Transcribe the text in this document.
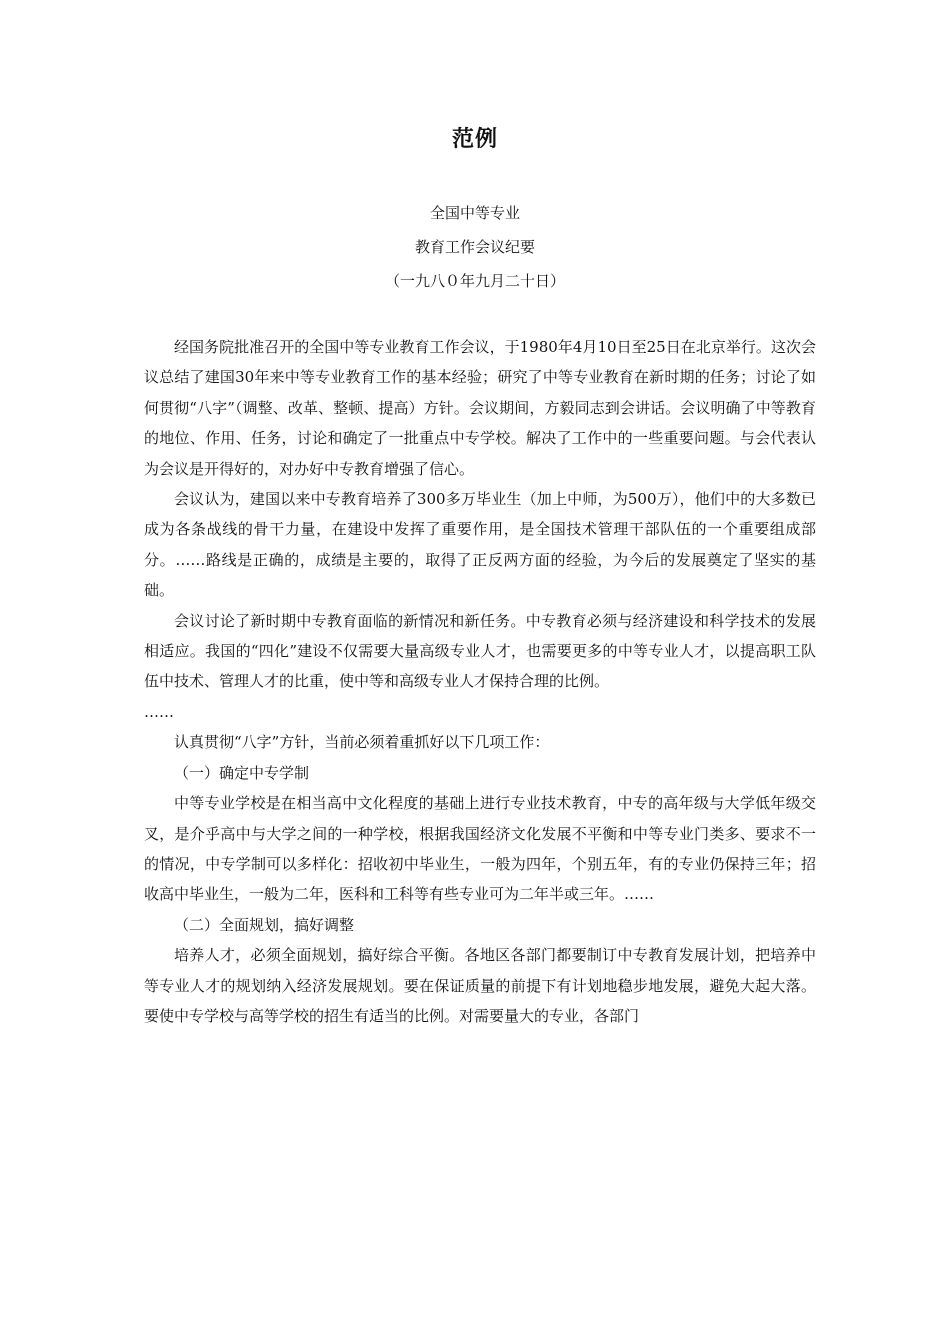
范例
全国中等专业
教育工作会议纪要
（一九八０年九月二十日）

经国务院批准召开的全国中等专业教育工作会议，于1980年4月10日至25日在北京举行。这次会议总结了建国30年来中等专业教育工作的基本经验；研究了中等专业教育在新时期的任务；讨论了如何贯彻“八字”（调整、改革、整顿、提高）方针。会议期间，方毅同志到会讲话。会议明确了中等教育的地位、作用、任务，讨论和确定了一批重点中专学校。解决了工作中的一些重要问题。与会代表认为会议是开得好的，对办好中专教育增强了信心。

会议认为，建国以来中专教育培养了300多万毕业生（加上中师，为500万），他们中的大多数已成为各条战线的骨干力量，在建设中发挥了重要作用，是全国技术管理干部队伍的一个重要组成部分。……路线是正确的，成绩是主要的，取得了正反两方面的经验，为今后的发展奠定了坚实的基础。

会议讨论了新时期中专教育面临的新情况和新任务。中专教育必须与经济建设和科学技术的发展相适应。我国的“四化”建设不仅需要大量高级专业人才，也需要更多的中等专业人才，以提高职工队伍中技术、管理人才的比重，使中等和高级专业人才保持合理的比例。

……

认真贯彻“八字”方针，当前必须着重抓好以下几项工作：

（一）确定中专学制

中等专业学校是在相当高中文化程度的基础上进行专业技术教育，中专的高年级与大学低年级交叉，是介乎高中与大学之间的一种学校，根据我国经济文化发展不平衡和中等专业门类多、要求不一的情况，中专学制可以多样化：招收初中毕业生，一般为四年，个别五年，有的专业仍保持三年；招收高中毕业生，一般为二年，医科和工科等有些专业可为二年半或三年。……

（二）全面规划，搞好调整

培养人才，必须全面规划，搞好综合平衡。各地区各部门都要制订中专教育发展计划，把培养中等专业人才的规划纳入经济发展规划。要在保证质量的前提下有计划地稳步地发展，避免大起大落。要使中专学校与高等学校的招生有适当的比例。对需要量大的专业，各部门
